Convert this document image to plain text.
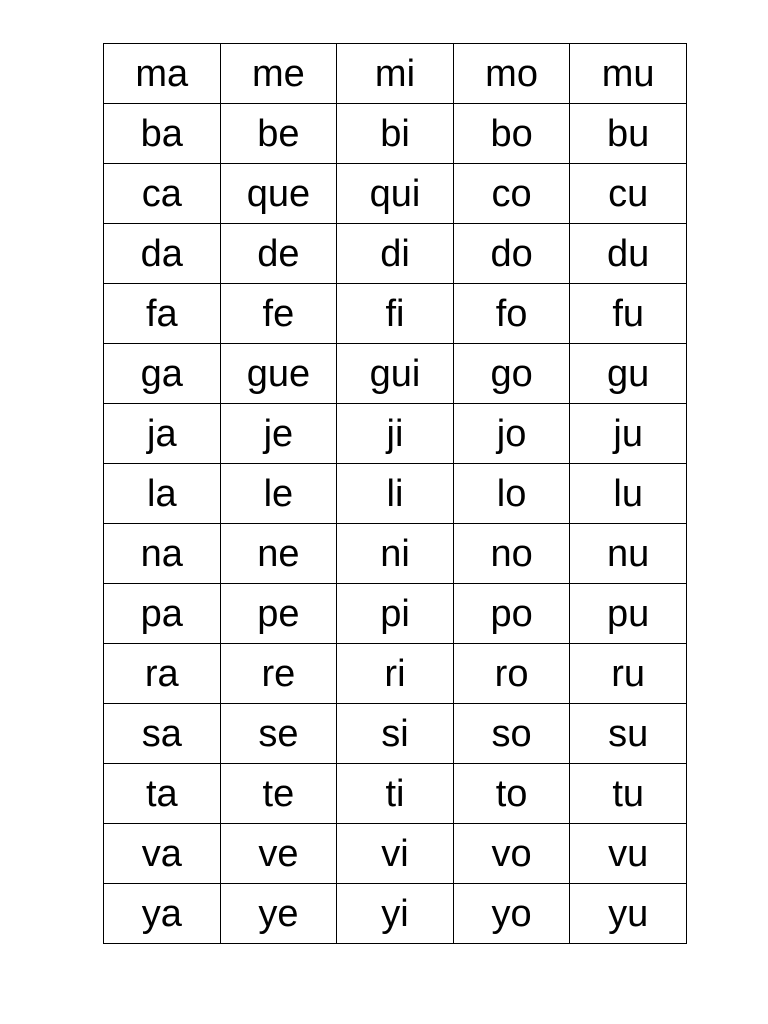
ma	me	mi	mo	mu
ba	be	bi	bo	bu
ca	que	qui	co	cu
da	de	di	do	du
fa	fe	fi	fo	fu
ga	gue	gui	go	gu
ja	je	ji	jo	ju
la	le	li	lo	lu
na	ne	ni	no	nu
pa	pe	pi	po	pu
ra	re	ri	ro	ru
sa	se	si	so	su
ta	te	ti	to	tu
va	ve	vi	vo	vu
ya	ye	yi	yo	yu
